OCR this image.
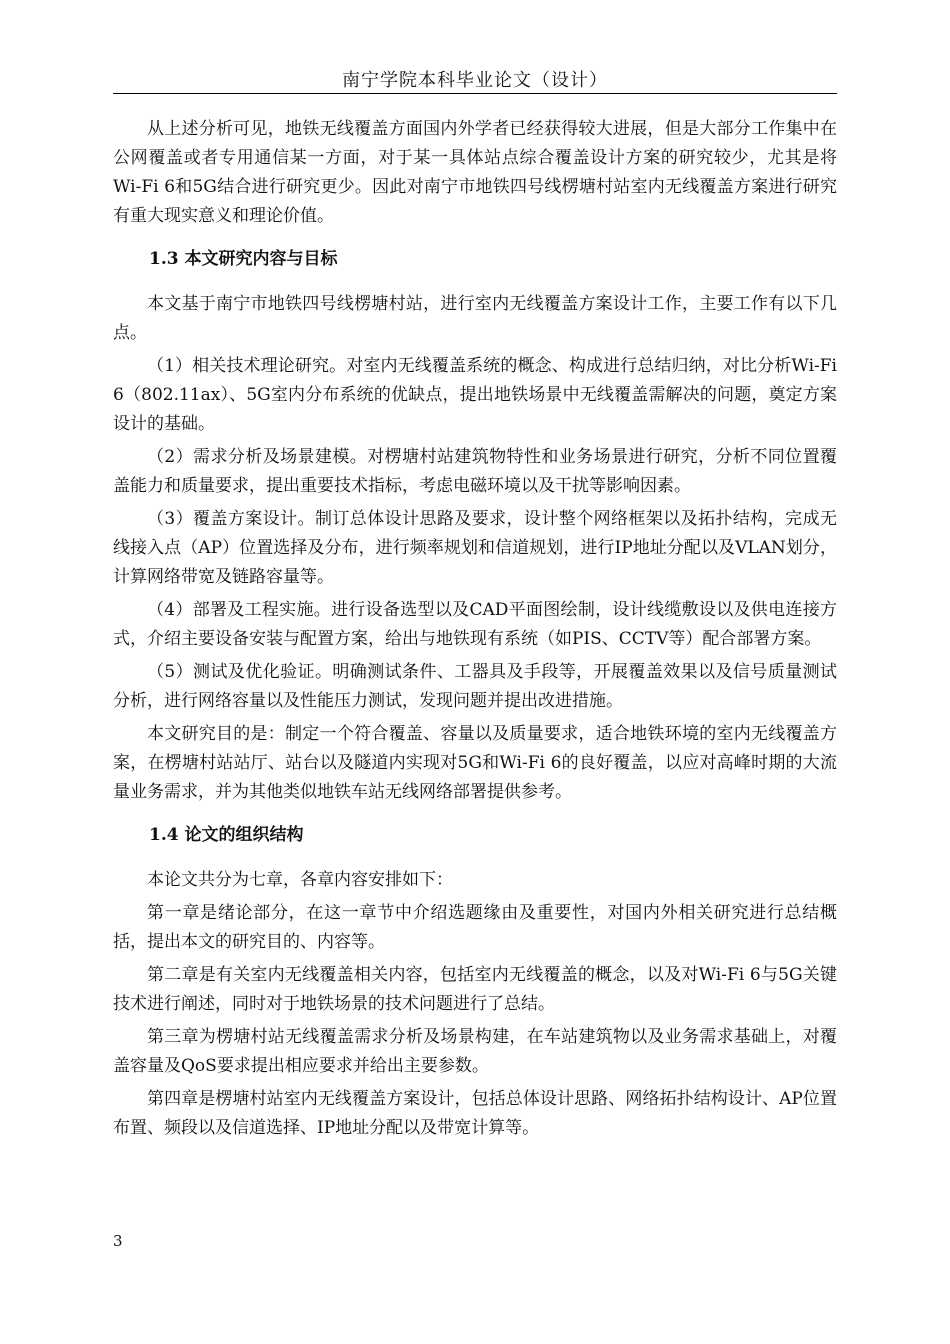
南宁学院本科毕业论文（设计）

从上述分析可见，地铁无线覆盖方面国内外学者已经获得较大进展，但是大部分工作集中在公网覆盖或者专用通信某一方面，对于某一具体站点综合覆盖设计方案的研究较少，尤其是将Wi-Fi 6和5G结合进行研究更少。因此对南宁市地铁四号线楞塘村站室内无线覆盖方案进行研究有重大现实意义和理论价值。

1.3 本文研究内容与目标

本文基于南宁市地铁四号线楞塘村站，进行室内无线覆盖方案设计工作，主要工作有以下几点。

（1）相关技术理论研究。对室内无线覆盖系统的概念、构成进行总结归纳，对比分析Wi-Fi 6（802.11ax）、5G室内分布系统的优缺点，提出地铁场景中无线覆盖需解决的问题，奠定方案设计的基础。

（2）需求分析及场景建模。对楞塘村站建筑物特性和业务场景进行研究，分析不同位置覆盖能力和质量要求，提出重要技术指标，考虑电磁环境以及干扰等影响因素。

（3）覆盖方案设计。制订总体设计思路及要求，设计整个网络框架以及拓扑结构，完成无线接入点（AP）位置选择及分布，进行频率规划和信道规划，进行IP地址分配以及VLAN划分，计算网络带宽及链路容量等。

（4）部署及工程实施。进行设备选型以及CAD平面图绘制，设计线缆敷设以及供电连接方式，介绍主要设备安装与配置方案，给出与地铁现有系统（如PIS、CCTV等）配合部署方案。

（5）测试及优化验证。明确测试条件、工器具及手段等，开展覆盖效果以及信号质量测试分析，进行网络容量以及性能压力测试，发现问题并提出改进措施。

本文研究目的是：制定一个符合覆盖、容量以及质量要求，适合地铁环境的室内无线覆盖方案，在楞塘村站站厅、站台以及隧道内实现对5G和Wi-Fi 6的良好覆盖，以应对高峰时期的大流量业务需求，并为其他类似地铁车站无线网络部署提供参考。

1.4 论文的组织结构

本论文共分为七章，各章内容安排如下：

第一章是绪论部分，在这一章节中介绍选题缘由及重要性，对国内外相关研究进行总结概括，提出本文的研究目的、内容等。

第二章是有关室内无线覆盖相关内容，包括室内无线覆盖的概念，以及对Wi-Fi 6与5G关键技术进行阐述，同时对于地铁场景的技术问题进行了总结。

第三章为楞塘村站无线覆盖需求分析及场景构建，在车站建筑物以及业务需求基础上，对覆盖容量及QoS要求提出相应要求并给出主要参数。

第四章是楞塘村站室内无线覆盖方案设计，包括总体设计思路、网络拓扑结构设计、AP位置布置、频段以及信道选择、IP地址分配以及带宽计算等。

3
